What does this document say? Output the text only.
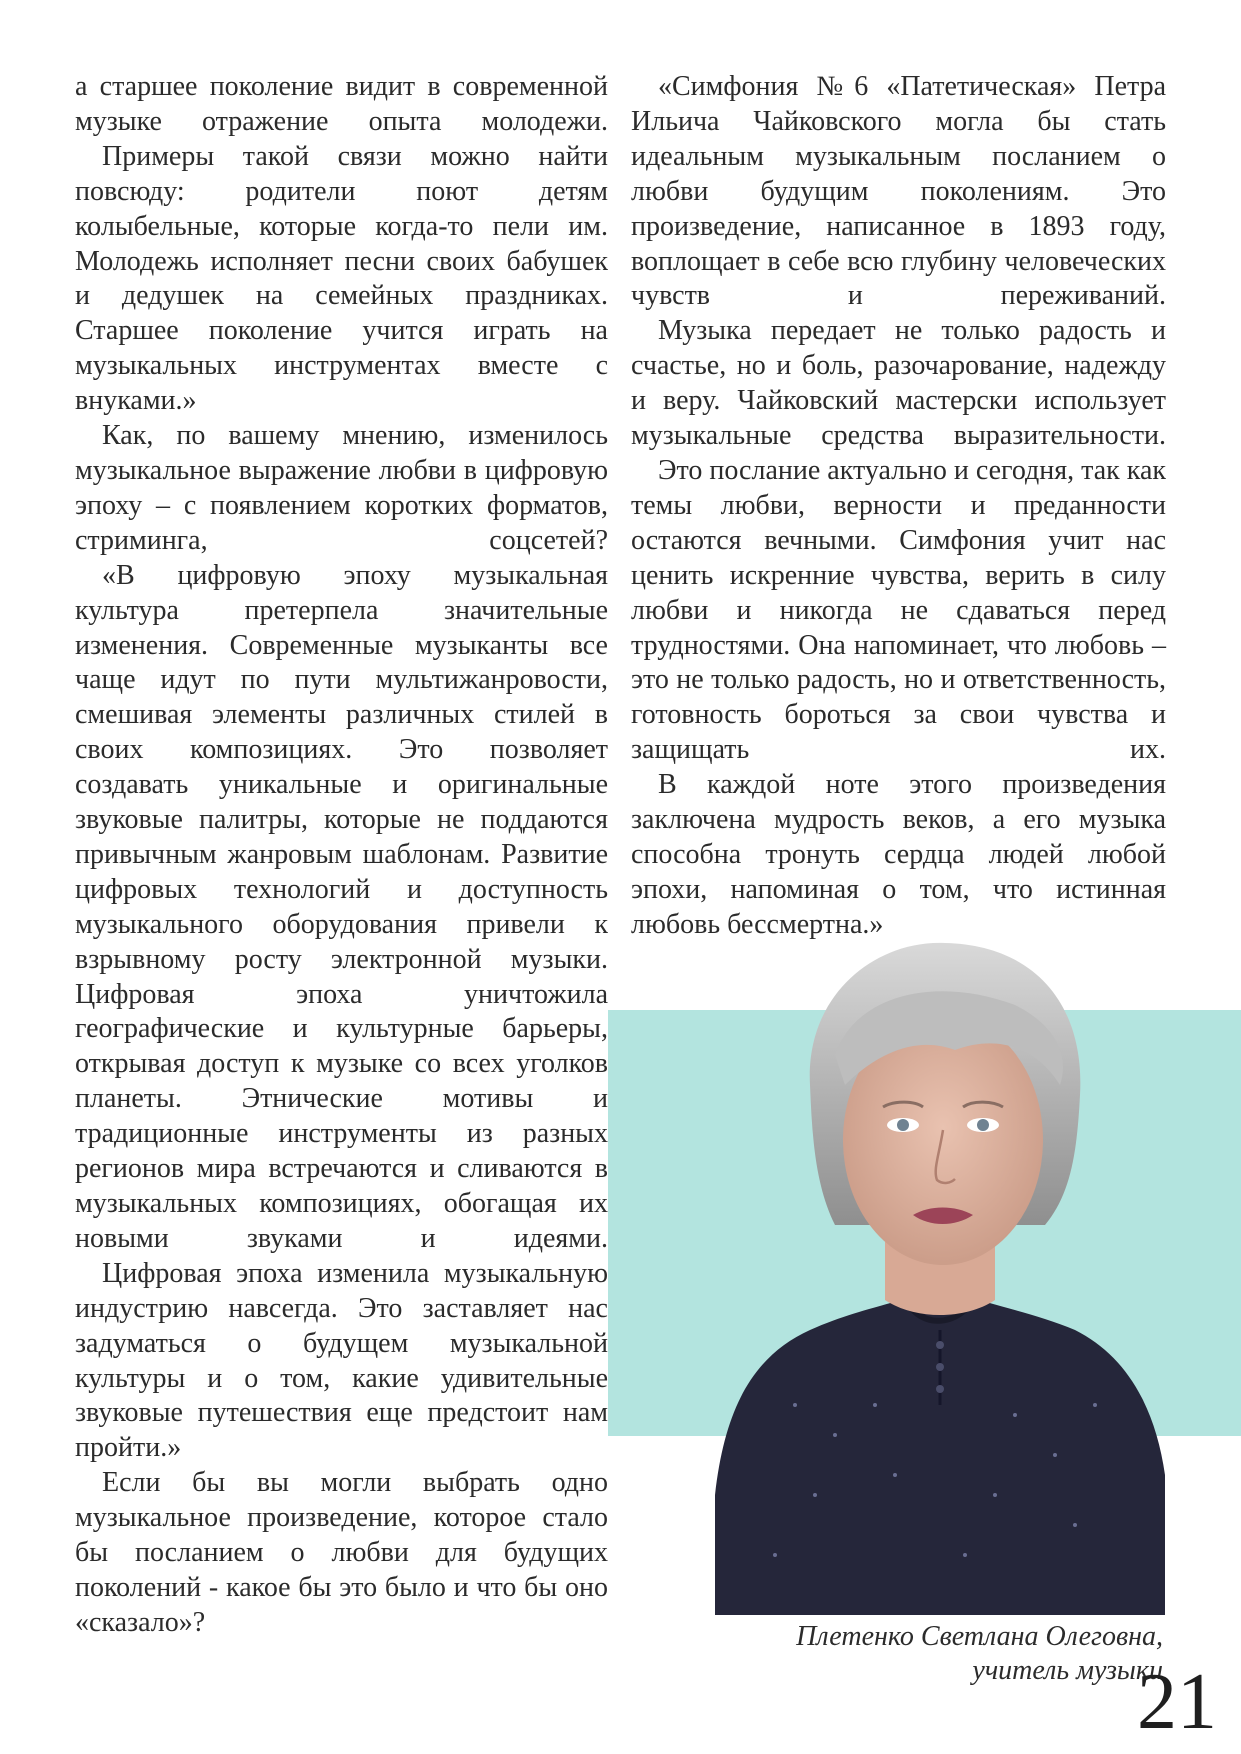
а старшее поколение видит в современной музыке отражение опыта молодежи.

Примеры такой связи можно найти повсюду: родители поют детям колыбельные, которые когда-то пели им. Молодежь исполняет песни своих бабушек и дедушек на семейных праздниках. Старшее поколение учится играть на музыкальных инструментах вместе с внуками.»

Как, по вашему мнению, изменилось музыкальное выражение любви в цифровую эпоху – с появлением коротких форматов, стриминга, соцсетей?

«В цифровую эпоху музыкальная культура претерпела значительные изменения. Современные музыканты все чаще идут по пути мультижанровости, смешивая элементы различных стилей в своих композициях. Это позволяет создавать уникальные и оригинальные звуковые палитры, которые не поддаются привычным жанровым шаблонам. Развитие цифровых технологий и доступность музыкального оборудования привели к взрывному росту электронной музыки. Цифровая эпоха уничтожила географические и культурные барьеры, открывая доступ к музыке со всех уголков планеты. Этнические мотивы и традиционные инструменты из разных регионов мира встречаются и сливаются в музыкальных композициях, обогащая их новыми звуками и идеями.

Цифровая эпоха изменила музыкальную индустрию навсегда. Это заставляет нас задуматься о будущем музыкальной культуры и о том, какие удивительные звуковые путешествия еще предстоит нам пройти.»

Если бы вы могли выбрать одно музыкальное произведение, которое стало бы посланием о любви для будущих поколений - какое бы это было и что бы оно «сказало»?

«Симфония №6 «Патетическая» Петра Ильича Чайковского могла бы стать идеальным музыкальным посланием о любви будущим поколениям. Это произведение, написанное в 1893 году, воплощает в себе всю глубину человеческих чувств и переживаний.

Музыка передает не только радость и счастье, но и боль, разочарование, надежду и веру. Чайковский мастерски использует музыкальные средства выразительности.

Это послание актуально и сегодня, так как темы любви, верности и преданности остаются вечными. Симфония учит нас ценить искренние чувства, верить в силу любви и никогда не сдаваться перед трудностями. Она напоминает, что любовь – это не только радость, но и ответственность, готовность бороться за свои чувства и защищать их.

В каждой ноте этого произведения заключена мудрость веков, а его музыка способна тронуть сердца людей любой эпохи, напоминая о том, что истинная любовь бессмертна.»

Плетенко Светлана Олеговна,
учитель музыки
21
